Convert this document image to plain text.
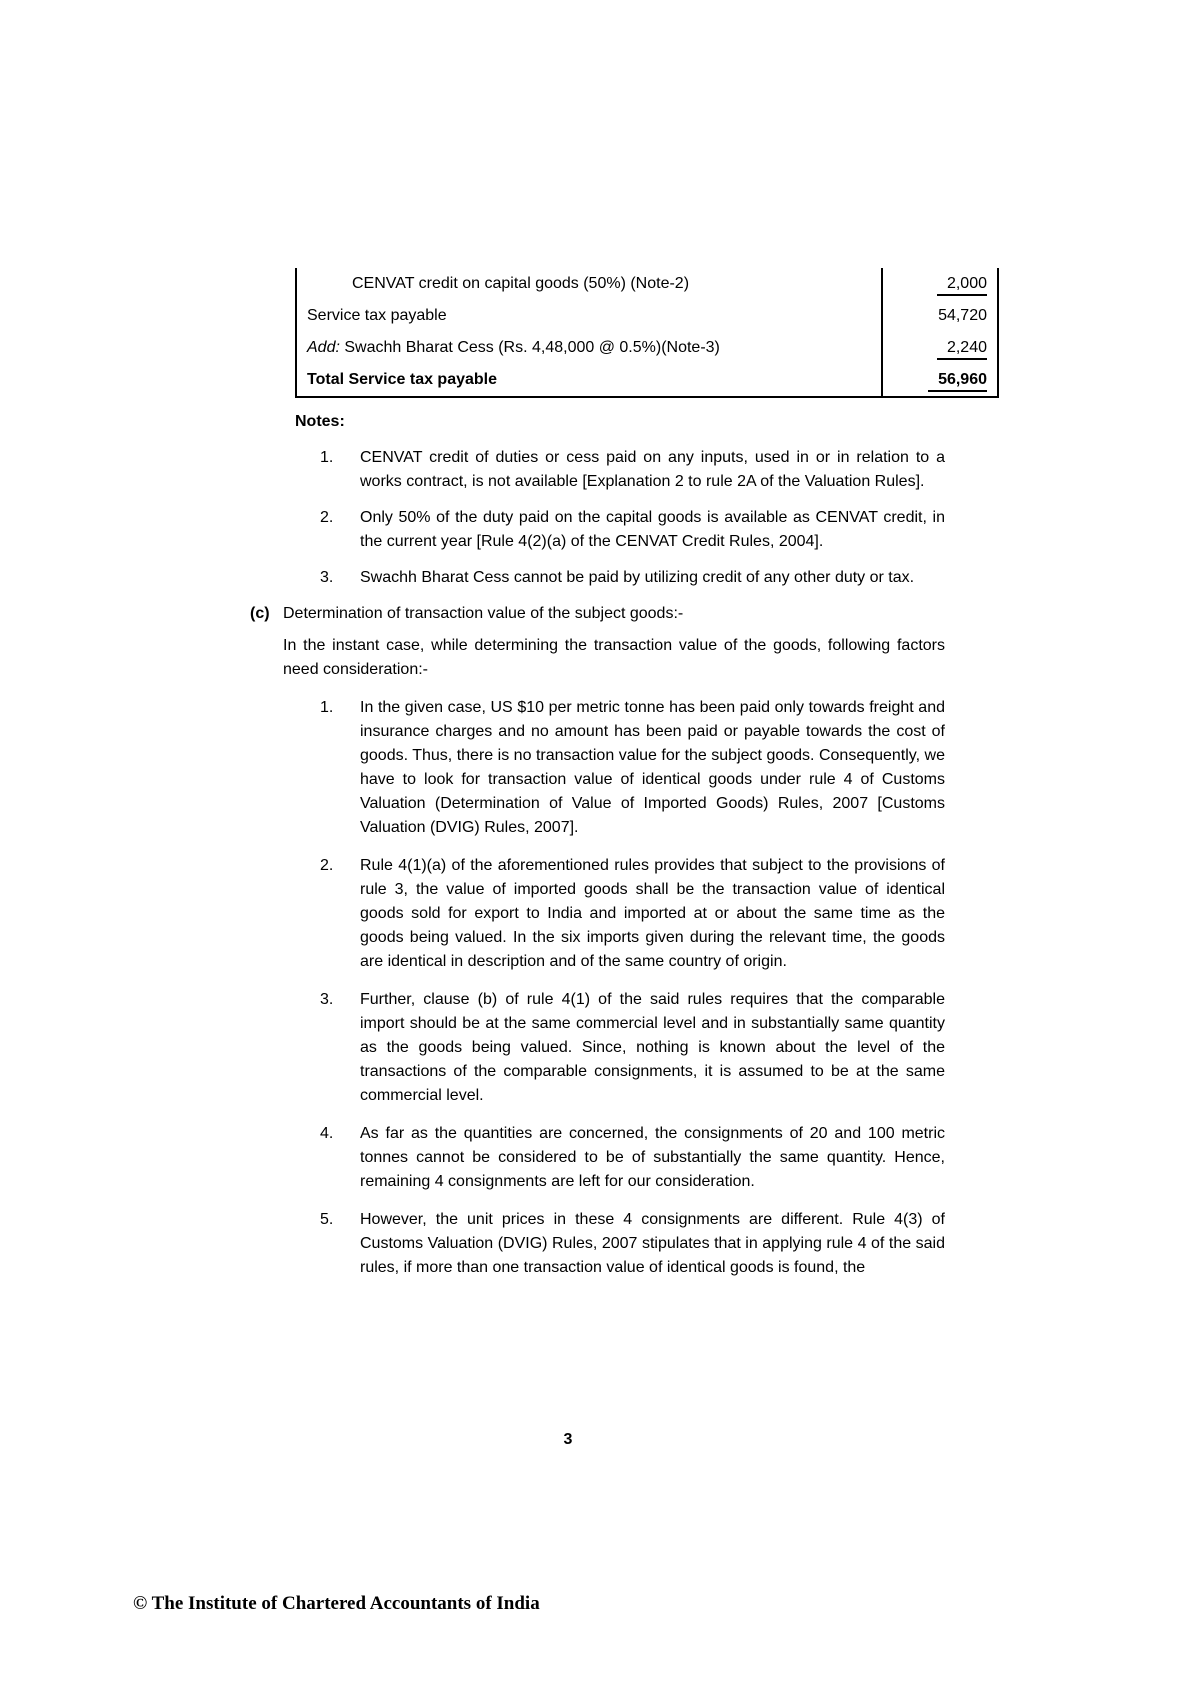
CENVAT credit on capital goods (50%) (Note-2)	2,000
Service tax payable	54,720
Add: Swachh Bharat Cess (Rs. 4,48,000 @ 0.5%)(Note-3)	2,240
Total Service tax payable	56,960
Notes:
1.	CENVAT credit of duties or cess paid on any inputs, used in or in relation to a works contract, is not available [Explanation 2 to rule 2A of the Valuation Rules].
2.	Only 50% of the duty paid on the capital goods is available as CENVAT credit, in the current year [Rule 4(2)(a) of the CENVAT Credit Rules, 2004].
3.	Swachh Bharat Cess cannot be paid by utilizing credit of any other duty or tax.
(c) Determination of transaction value of the subject goods:-
In the instant case, while determining the transaction value of the goods, following factors need consideration:-
1.	In the given case, US $10 per metric tonne has been paid only towards freight and insurance charges and no amount has been paid or payable towards the cost of goods. Thus, there is no transaction value for the subject goods. Consequently, we have to look for transaction value of identical goods under rule 4 of Customs Valuation (Determination of Value of Imported Goods) Rules, 2007 [Customs Valuation (DVIG) Rules, 2007].
2.	Rule 4(1)(a) of the aforementioned rules provides that subject to the provisions of rule 3, the value of imported goods shall be the transaction value of identical goods sold for export to India and imported at or about the same time as the goods being valued. In the six imports given during the relevant time, the goods are identical in description and of the same country of origin.
3.	Further, clause (b) of rule 4(1) of the said rules requires that the comparable import should be at the same commercial level and in substantially same quantity as the goods being valued. Since, nothing is known about the level of the transactions of the comparable consignments, it is assumed to be at the same commercial level.
4.	As far as the quantities are concerned, the consignments of 20 and 100 metric tonnes cannot be considered to be of substantially the same quantity. Hence, remaining 4 consignments are left for our consideration.
5.	However, the unit prices in these 4 consignments are different. Rule 4(3) of Customs Valuation (DVIG) Rules, 2007 stipulates that in applying rule 4 of the said rules, if more than one transaction value of identical goods is found, the
3
© The Institute of Chartered Accountants of India
